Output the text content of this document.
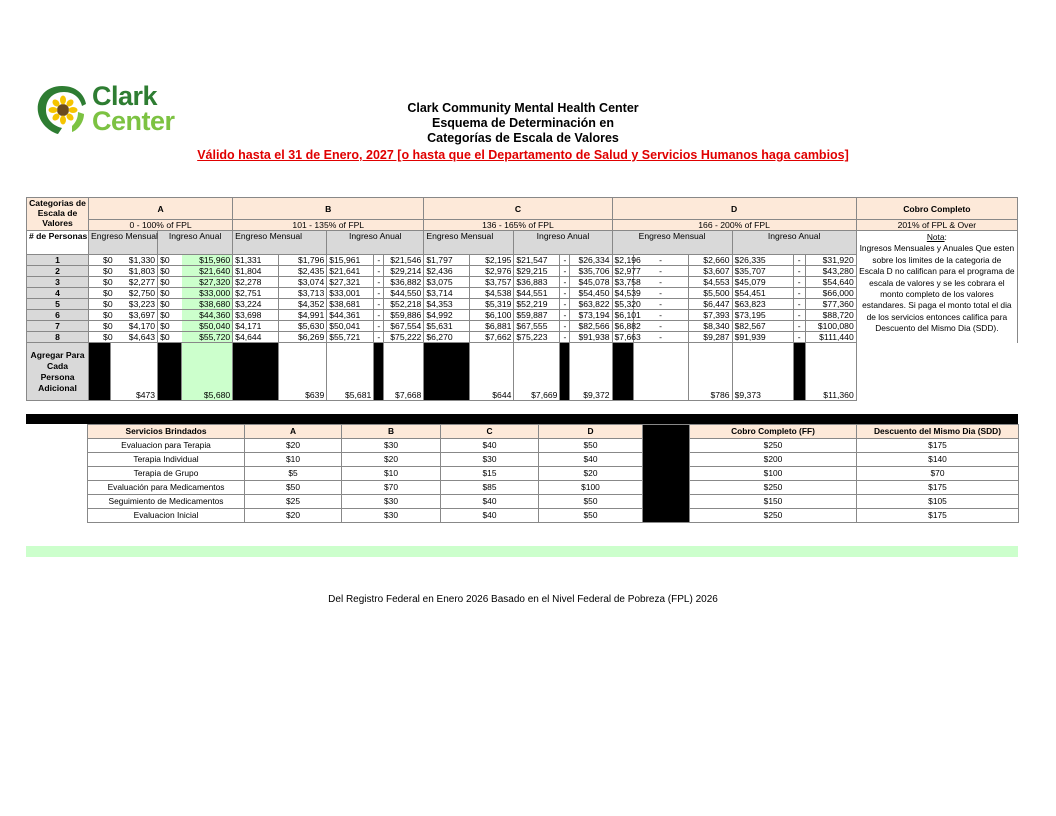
Clark
Center	Clark Community Mental Health Center
Esquema de Determinación en
Categorías de Escala de Valores
Válido hasta el 31 de Enero, 2027 [o hasta que el Departamento de Salud y Servicios Humanos haga cambios]
Categorias de Escala de Valores	A				B					C					D						Cobro Completo
	0 - 100% of FPL				101 - 135% of FPL					136 - 165% of FPL					166 - 200% of FPL						201% of FPL & Over
# de Personas	Engreso Mensual		Ingreso Anual		Engreso Mensual		Ingreso Anual			Engreso Mensual		Ingreso Anual			Engreso Mensual			Ingreso Anual			Nota:
Ingresos Mensuales y Anuales Que esten sobre los limites de la categoria de Escala D no califican para el programa de escala de valores y se les cobrara el monto completo de los valores estandares. Si paga el monto total el dia de los servicios entonces califica para Descuento del Mismo Dia (SDD).
1	$0	$1,330	$0	$15,960	$1,331	$1,796	$15,961	-	$21,546	$1,797	$2,195	$21,547	-	$26,334	$2,196	-	$2,660	$26,335	-	$31,920	
2	$0	$1,803	$0	$21,640	$1,804	$2,435	$21,641	-	$29,214	$2,436	$2,976	$29,215	-	$35,706	$2,977	-	$3,607	$35,707	-	$43,280	
3	$0	$2,277	$0	$27,320	$2,278	$3,074	$27,321	-	$36,882	$3,075	$3,757	$36,883	-	$45,078	$3,758	-	$4,553	$45,079	-	$54,640	
4	$0	$2,750	$0	$33,000	$2,751	$3,713	$33,001	-	$44,550	$3,714	$4,538	$44,551	-	$54,450	$4,539	-	$5,500	$54,451	-	$66,000	
5	$0	$3,223	$0	$38,680	$3,224	$4,352	$38,681	-	$52,218	$4,353	$5,319	$52,219	-	$63,822	$5,320	-	$6,447	$63,823	-	$77,360	
6	$0	$3,697	$0	$44,360	$3,698	$4,991	$44,361	-	$59,886	$4,992	$6,100	$59,887	-	$73,194	$6,101	-	$7,393	$73,195	-	$88,720	
7	$0	$4,170	$0	$50,040	$4,171	$5,630	$50,041	-	$67,554	$5,631	$6,881	$67,555	-	$82,566	$6,882	-	$8,340	$82,567	-	$100,080	
8	$0	$4,643	$0	$55,720	$4,644	$6,269	$55,721	-	$75,222	$6,270	$7,662	$75,223	-	$91,938	$7,663	-	$9,287	$91,939	-	$111,440	
Agregar Para Cada Persona Adicional		$473		$5,680		$639	$5,681		$7,668		$644	$7,669		$9,372			$786	$9,373		$11,360	
Servicios Brindados	A	B	C	D		Cobro Completo (FF)	Descuento del Mismo Dia (SDD)
Evaluacion para Terapia	$20	$30	$40	$50		$250	$175
Terapia Individual	$10	$20	$30	$40		$200	$140
Terapia de Grupo	$5	$10	$15	$20		$100	$70
Evaluación para Medicamentos	$50	$70	$85	$100		$250	$175
Seguimiento de Medicamentos	$25	$30	$40	$50		$150	$105
Evaluacion Inicial	$20	$30	$40	$50		$250	$175
Del Registro Federal en Enero 2026 Basado en el Nivel Federal de Pobreza (FPL) 2026
